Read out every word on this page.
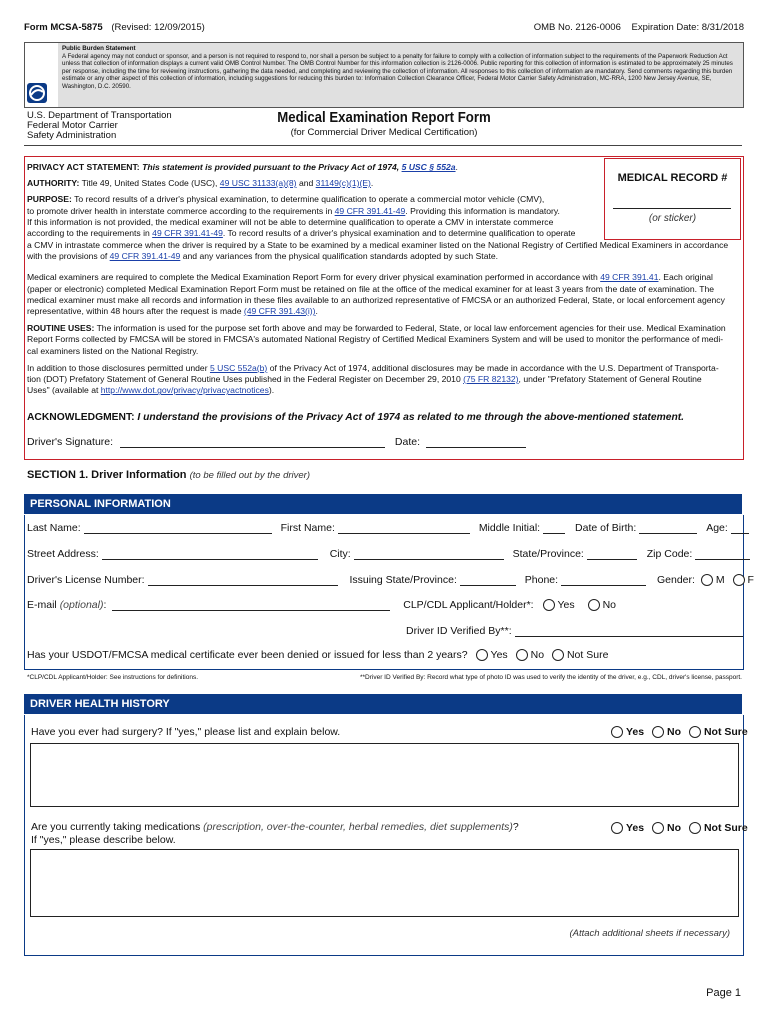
Form MCSA-5875 (Revised: 12/09/2015)	OMB No. 2126-0006 Expiration Date: 8/31/2018
Public Burden Statement
A Federal agency may not conduct or sponsor, and a person is not required to respond to, nor shall a person be subject to a penalty for failure to comply with a collection of information subject to the requirements of the Paperwork Reduction Act unless that collection of information displays a current valid OMB Control Number. The OMB Control Number for this information collection is 2126-0006. Public reporting for this collection of information is estimated to be approximately 25 minutes per response, including the time for reviewing instructions, gathering the data needed, and completing and reviewing the collection of information. All responses to this collection of information are mandatory. Send comments regarding this burden estimate or any other aspect of this collection of information, including suggestions for reducing this burden to: Information Collection Clearance Officer, Federal Motor Carrier Safety Administration, MC-RRA, 1200 New Jersey Avenue, SE, Washington, D.C. 20590.
U.S. Department of Transportation
Federal Motor Carrier
Safety Administration
Medical Examination Report Form
(for Commercial Driver Medical Certification)
MEDICAL RECORD #
(or sticker)
PRIVACY ACT STATEMENT: This statement is provided pursuant to the Privacy Act of 1974, 5 USC § 552a.
AUTHORITY: Title 49, United States Code (USC), 49 USC 31133(a)(8) and 31149(c)(1)(E).
PURPOSE: To record results of a driver's physical examination, to determine qualification to operate a commercial motor vehicle (CMV),
to promote driver health in interstate commerce according to the requirements in 49 CFR 391.41-49. Providing this information is mandatory.
If this information is not provided, the medical examiner will not be able to determine qualification to operate a CMV in interstate commerce
according to the requirements in 49 CFR 391.41-49. To record results of a driver's physical examination and to determine qualification to operate
a CMV in intrastate commerce when the driver is required by a State to be examined by a medical examiner listed on the National Registry of Certified Medical Examiners in accordance
with the provisions of 49 CFR 391.41-49 and any variances from the physical qualification standards adopted by such State.
Medical examiners are required to complete the Medical Examination Report Form for every driver physical examination performed in accordance with 49 CFR 391.41. Each original
(paper or electronic) completed Medical Examination Report Form must be retained on file at the office of the medical examiner for at least 3 years from the date of examination. The
medical examiner must make all records and information in these files available to an authorized representative of FMCSA or an authorized Federal, State, or local enforcement agency
representative, within 48 hours after the request is made (49 CFR 391.43(i)).
ROUTINE USES: The information is used for the purpose set forth above and may be forwarded to Federal, State, or local law enforcement agencies for their use. Medical Examination
Report Forms collected by FMCSA will be stored in FMCSA's automated National Registry of Certified Medical Examiners System and will be used to monitor the performance of medi-
cal examiners listed on the National Registry.
In addition to those disclosures permitted under 5 USC 552a(b) of the Privacy Act of 1974, additional disclosures may be made in accordance with the U.S. Department of Transporta-
tion (DOT) Prefatory Statement of General Routine Uses published in the Federal Register on December 29, 2010 (75 FR 82132), under "Prefatory Statement of General Routine
Uses" (available at http://www.dot.gov/privacy/privacyactnotices).
ACKNOWLEDGMENT: I understand the provisions of the Privacy Act of 1974 as related to me through the above-mentioned statement.
Driver's Signature:	Date:
SECTION 1. Driver Information (to be filled out by the driver)
PERSONAL INFORMATION
Last Name:	First Name:	Middle Initial:	Date of Birth:	Age:
Street Address:	City:	State/Province:	Zip Code:
Driver's License Number:	Issuing State/Province:	Phone:	Gender: M F
E-mail (optional):	CLP/CDL Applicant/Holder*: Yes	No
Driver ID Verified By**:
Has your USDOT/FMCSA medical certificate ever been denied or issued for less than 2 years? Yes No Not Sure
*CLP/CDL Applicant/Holder: See instructions for definitions.	**Driver ID Verified By: Record what type of photo ID was used to verify the identity of the driver, e.g., CDL, driver's license, passport.
DRIVER HEALTH HISTORY
Have you ever had surgery? If "yes," please list and explain below.	Yes No Not Sure
Are you currently taking medications (prescription, over-the-counter, herbal remedies, diet supplements)?
If "yes," please describe below.
Yes No Not Sure
(Attach additional sheets if necessary)
Page 1
